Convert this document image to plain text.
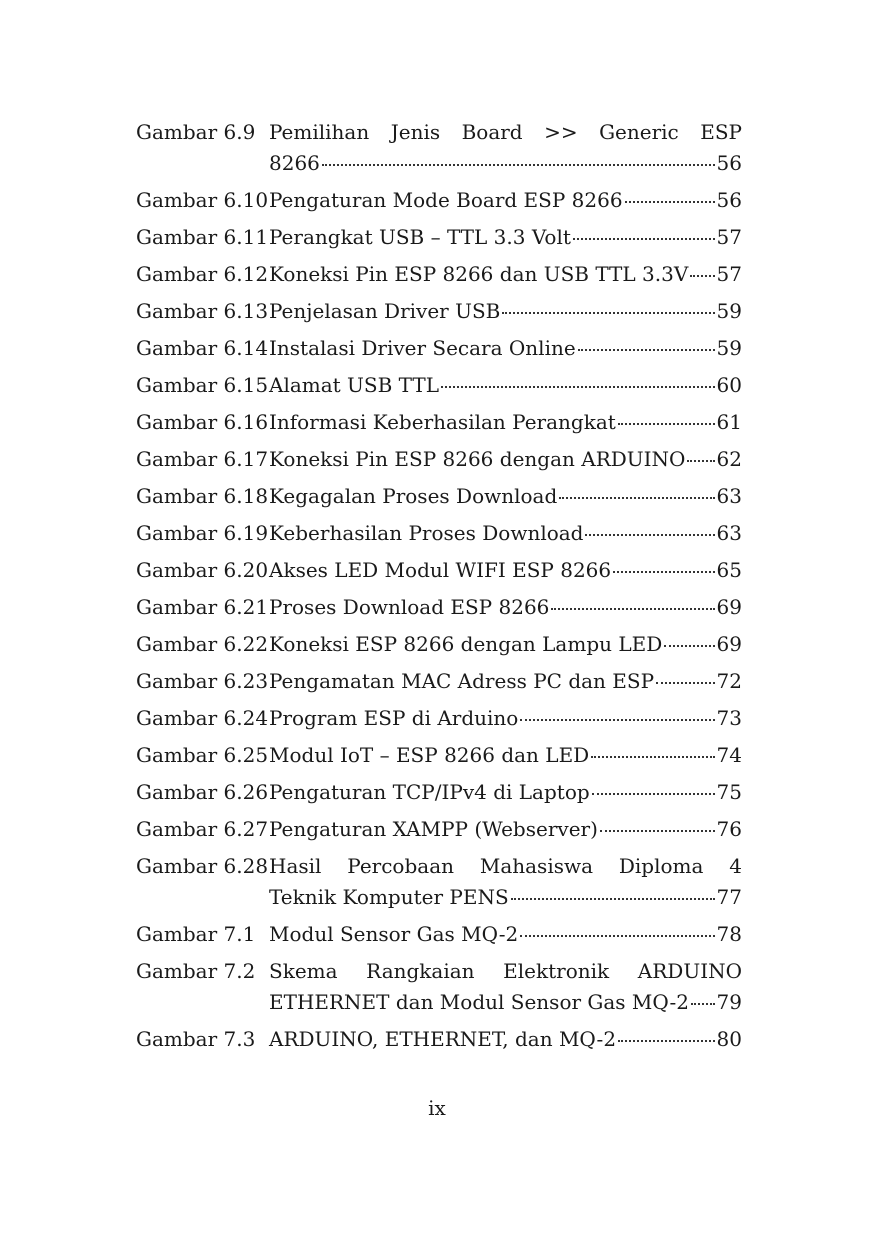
Gambar 6.9 Pemilihan Jenis Board >> Generic ESP
8266	56
Gambar 6.10 Pengaturan Mode Board ESP 8266	56
Gambar 6.11 Perangkat USB – TTL 3.3 Volt	57
Gambar 6.12 Koneksi Pin ESP 8266 dan USB TTL 3.3V 57
Gambar 6.13 Penjelasan Driver USB	59
Gambar 6.14 Instalasi Driver Secara Online	59
Gambar 6.15 Alamat USB TTL	60
Gambar 6.16 Informasi Keberhasilan Perangkat	61
Gambar 6.17 Koneksi Pin ESP 8266 dengan ARDUINO 62
Gambar 6.18 Kegagalan Proses Download	63
Gambar 6.19 Keberhasilan Proses Download	63
Gambar 6.20 Akses LED Modul WIFI ESP 8266	65
Gambar 6.21 Proses Download ESP 8266	69
Gambar 6.22 Koneksi ESP 8266 dengan Lampu LED	69
Gambar 6.23 Pengamatan MAC Adress PC dan ESP	72
Gambar 6.24 Program ESP di Arduino	73
Gambar 6.25 Modul IoT – ESP 8266 dan LED	74
Gambar 6.26 Pengaturan TCP/IPv4 di Laptop	75
Gambar 6.27 Pengaturan XAMPP (Webserver)	76
Gambar 6.28 Hasil Percobaan Mahasiswa Diploma 4
Teknik Komputer PENS	77
Gambar 7.1 Modul Sensor Gas MQ-2	78
Gambar 7.2 Skema Rangkaian Elektronik ARDUINO
ETHERNET dan Modul Sensor Gas MQ-2 79
Gambar 7.3 ARDUINO, ETHERNET, dan MQ-2	80
ix
